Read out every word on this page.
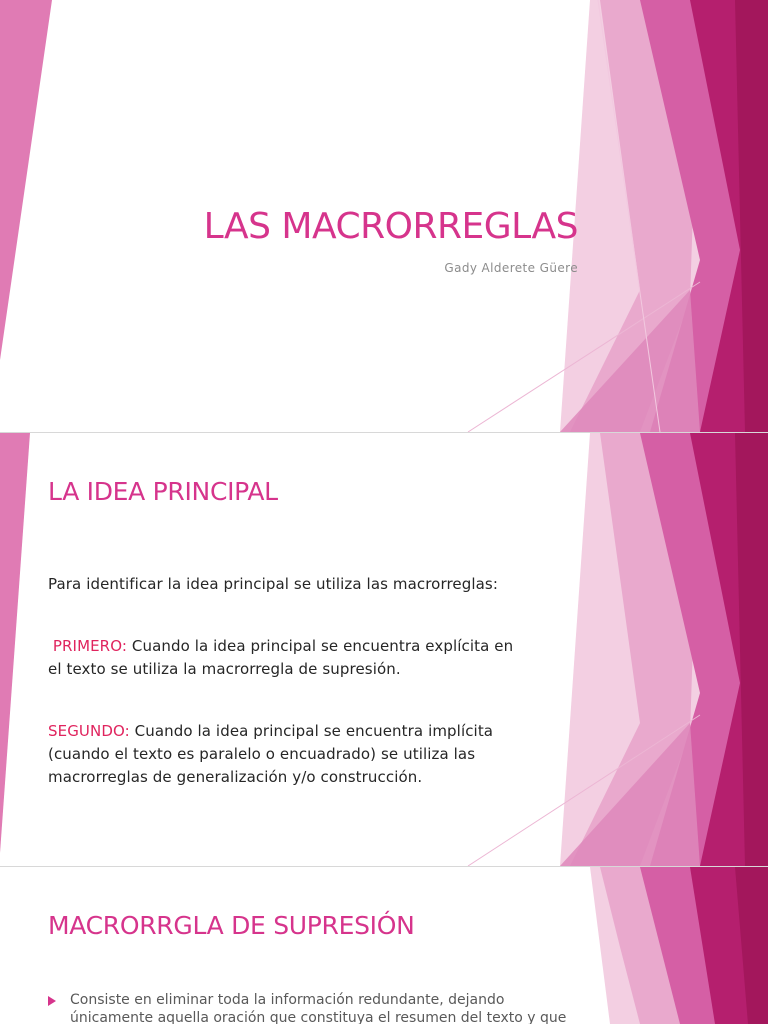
LAS MACRORREGLAS
Gady Alderete Güere
LA IDEA PRINCIPAL
Para identificar la idea principal se utiliza las macrorreglas:
PRIMERO: Cuando la idea principal se encuentra explícita en
el texto se utiliza la macrorregla de supresión.
SEGUNDO: Cuando la idea principal se encuentra implícita
(cuando el texto es paralelo o encuadrado) se utiliza las
macrorreglas de generalización y/o construcción.
MACRORRGLA DE SUPRESIÓN
Consiste en eliminar toda la información redundante, dejando
únicamente aquella oración que constituya el resumen del texto y que
